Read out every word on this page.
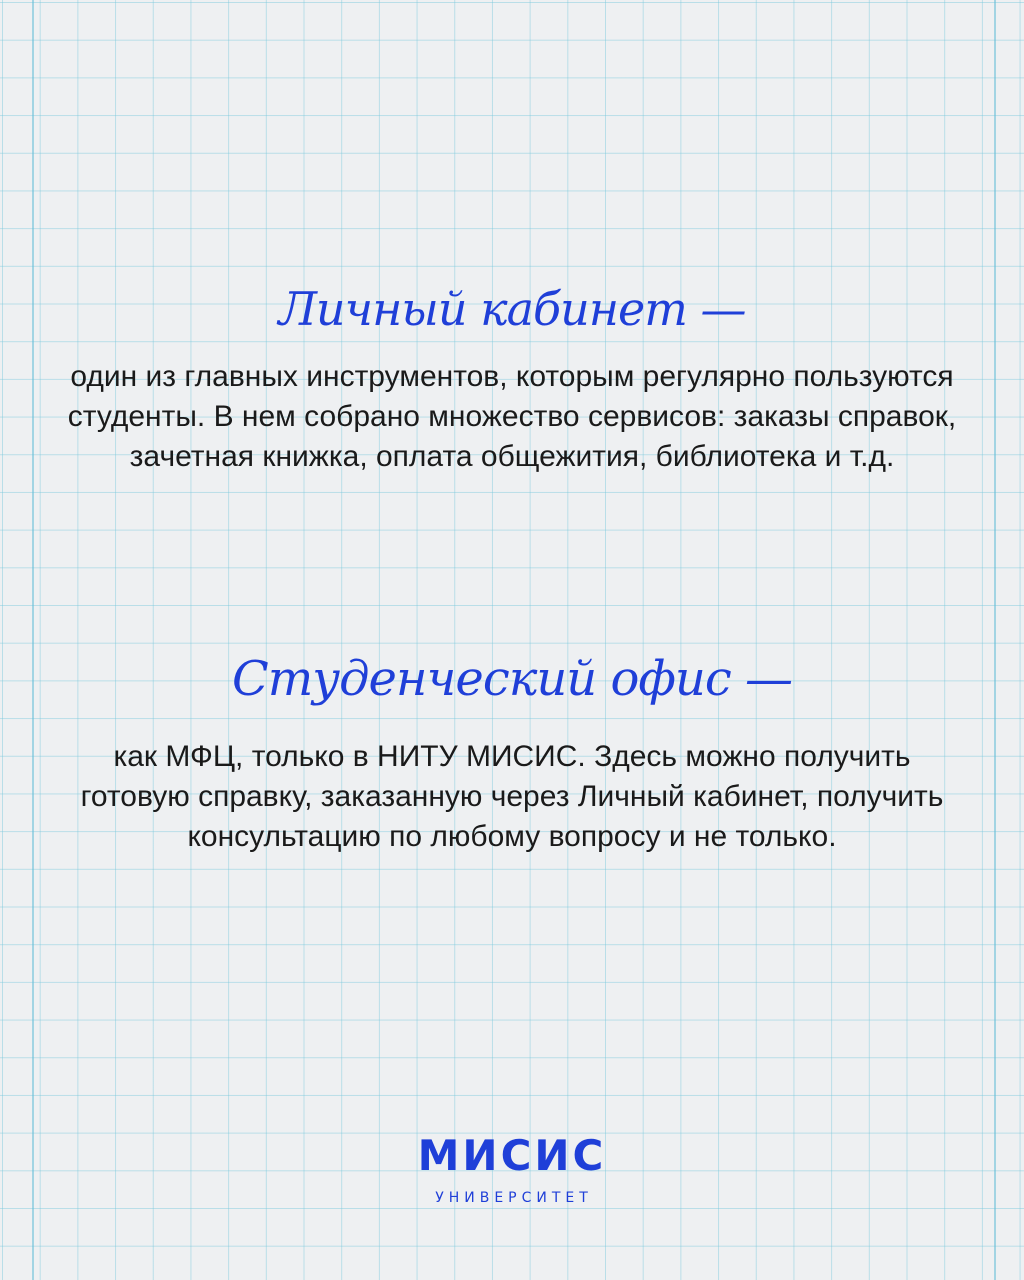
Личный кабинет —

один из главных инструментов, которым регулярно пользуются студенты. В нем собрано множество сервисов: заказы справок, зачетная книжка, оплата общежития, библиотека и т.д.

Студенческий офис —

как МФЦ, только в НИТУ МИСИС. Здесь можно получить готовую справку, заказанную через Личный кабинет, получить консультацию по любому вопросу и не только.

МИСИС
УНИВЕРСИТЕТ
